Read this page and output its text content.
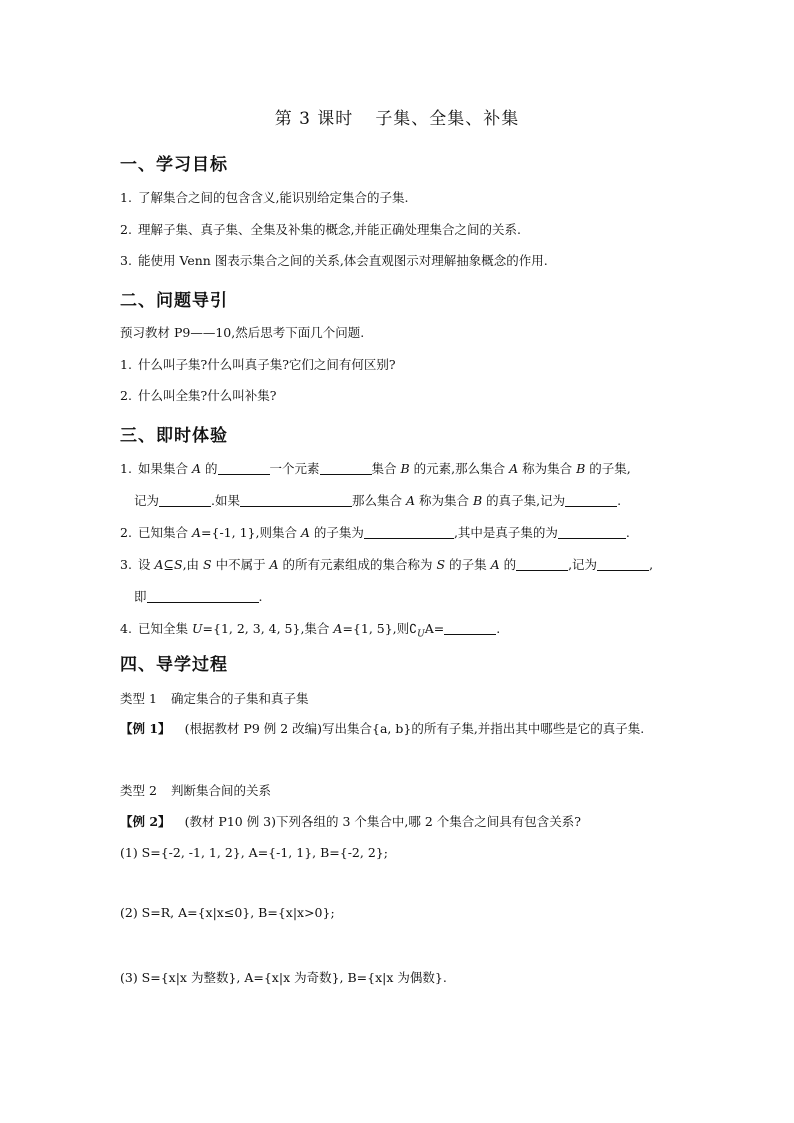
第 3 课时 子集、全集、补集
一、学习目标
1. 了解集合之间的包含含义,能识别给定集合的子集.
2. 理解子集、真子集、全集及补集的概念,并能正确处理集合之间的关系.
3. 能使用 Venn 图表示集合之间的关系,体会直观图示对理解抽象概念的作用.
二、问题导引
预习教材 P9——10,然后思考下面几个问题.
1. 什么叫子集?什么叫真子集?它们之间有何区别?
2. 什么叫全集?什么叫补集?
三、即时体验
1. 如果集合 A 的	一个元素	集合 B 的元素,那么集合 A 称为集合 B 的子集,
记为	.如果	那么集合 A 称为集合 B 的真子集,记为	.
2. 已知集合 A={-1, 1},则集合 A 的子集为	,其中是真子集的为	.
3. 设 A⊆S,由 S 中不属于 A 的所有元素组成的集合称为 S 的子集 A 的	,记为	,
即	.
4. 已知全集 U={1, 2, 3, 4, 5},集合 A={1, 5},则$∁_UA=$	.
四、导学过程
类型 1 确定集合的子集和真子集
【例 1】 (根据教材 P9 例 2 改编)写出集合{a, b}的所有子集,并指出其中哪些是它的真子集.
类型 2 判断集合间的关系
【例 2】 (教材 P10 例 3)下列各组的 3 个集合中,哪 2 个集合之间具有包含关系?
(1) S={-2, -1, 1, 2}, A={-1, 1}, B={-2, 2};
(2) S=R, A={x|x≤0}, B={x|x>0};
(3) S={x|x 为整数}, A={x|x 为奇数}, B={x|x 为偶数}.
